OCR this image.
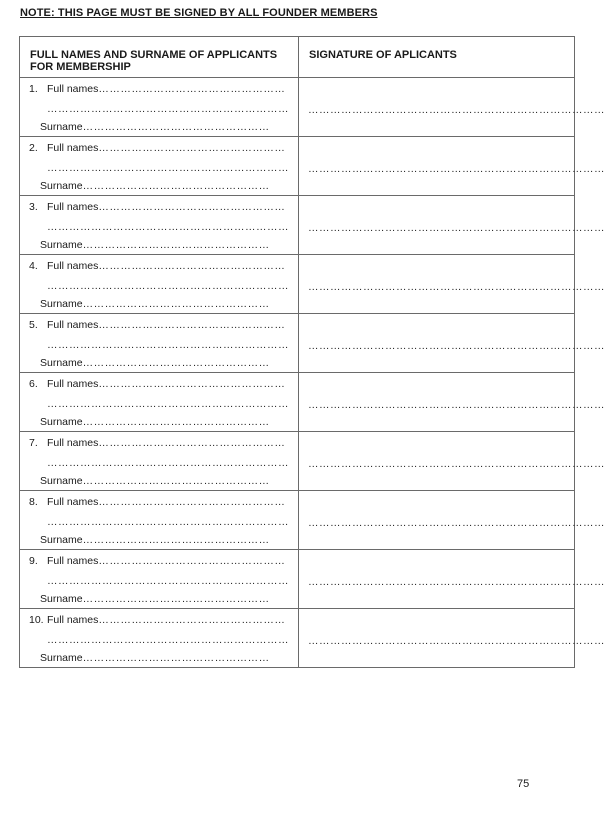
NOTE: THIS PAGE MUST BE SIGNED BY ALL FOUNDER MEMBERS
FULL NAMES AND SURNAME OF APPLICANTS FOR MEMBERSHIP	SIGNATURE OF APLICANTS

1. Full names……………………………………………
…………………………………………………………
Surname……………………………………………	………………………………………………………………………

2. Full names……………………………………………
…………………………………………………………
Surname……………………………………………	………………………………………………………………………

3. Full names……………………………………………
…………………………………………………………
Surname……………………………………………	………………………………………………………………………

4. Full names……………………………………………
…………………………………………………………
Surname……………………………………………	………………………………………………………………………

5. Full names……………………………………………
…………………………………………………………
Surname……………………………………………	………………………………………………………………………

6. Full names……………………………………………
…………………………………………………………
Surname……………………………………………	………………………………………………………………………

7. Full names……………………………………………
…………………………………………………………
Surname……………………………………………	………………………………………………………………………

8. Full names……………………………………………
…………………………………………………………
Surname……………………………………………	………………………………………………………………………

9. Full names……………………………………………
…………………………………………………………
Surname……………………………………………	………………………………………………………………………

10. Full names……………………………………………
…………………………………………………………
Surname……………………………………………	………………………………………………………………………
75
